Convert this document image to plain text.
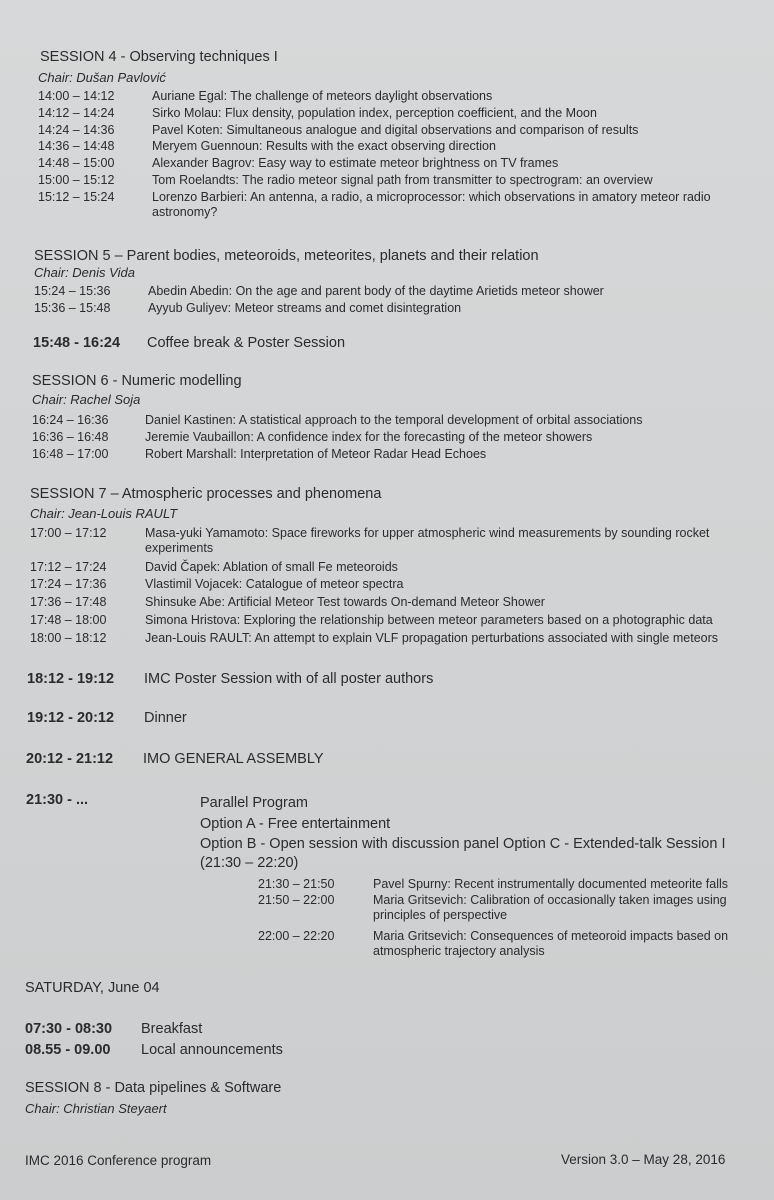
SESSION 4 - Observing techniques I
Chair: Dušan Pavlović
14:00 – 14:12	Auriane Egal: The challenge of meteors daylight observations
14:12 – 14:24	Sirko Molau: Flux density, population index, perception coefficient, and the Moon
14:24 – 14:36	Pavel Koten: Simultaneous analogue and digital observations and comparison of results
14:36 – 14:48	Meryem Guennoun: Results with the exact observing direction
14:48 – 15:00	Alexander Bagrov: Easy way to estimate meteor brightness on TV frames
15:00 – 15:12	Tom Roelandts: The radio meteor signal path from transmitter to spectrogram: an overview
15:12 – 15:24	Lorenzo Barbieri: An antenna, a radio, a microprocessor: which observations in amatory meteor radio astronomy?
SESSION 5 – Parent bodies, meteoroids, meteorites, planets and their relation
Chair: Denis Vida
15:24 – 15:36	Abedin Abedin: On the age and parent body of the daytime Arietids meteor shower
15:36 – 15:48	Ayyub Guliyev: Meteor streams and comet disintegration
15:48 - 16:24 Coffee break & Poster Session
SESSION 6 - Numeric modelling
Chair: Rachel Soja
16:24 – 16:36	Daniel Kastinen: A statistical approach to the temporal development of orbital associations
16:36 – 16:48	Jeremie Vaubaillon: A confidence index for the forecasting of the meteor showers
16:48 – 17:00	Robert Marshall: Interpretation of Meteor Radar Head Echoes
SESSION 7 – Atmospheric processes and phenomena
Chair: Jean-Louis RAULT
17:00 – 17:12	Masa-yuki Yamamoto: Space fireworks for upper atmospheric wind measurements by sounding rocket experiments
17:12 – 17:24	David Čapek: Ablation of small Fe meteoroids
17:24 – 17:36	Vlastimil Vojacek: Catalogue of meteor spectra
17:36 – 17:48	Shinsuke Abe: Artificial Meteor Test towards On-demand Meteor Shower
17:48 – 18:00	Simona Hristova: Exploring the relationship between meteor parameters based on a photographic data
18:00 – 18:12	Jean-Louis RAULT: An attempt to explain VLF propagation perturbations associated with single meteors
18:12 - 19:12 IMC Poster Session with of all poster authors
19:12 - 20:12 Dinner
20:12 - 21:12 IMO GENERAL ASSEMBLY
21:30 - ...	Parallel Program
Option A - Free entertainment
Option B - Open session with discussion panel Option C - Extended-talk Session I (21:30 – 22:20)
21:30 – 21:50	Pavel Spurny: Recent instrumentally documented meteorite falls
21:50 – 22:00	Maria Gritsevich: Calibration of occasionally taken images using principles of perspective
22:00 – 22:20	Maria Gritsevich: Consequences of meteoroid impacts based on atmospheric trajectory analysis
SATURDAY, June 04
07:30 - 08:30 Breakfast
08.55 - 09.00 Local announcements
SESSION 8 - Data pipelines & Software
Chair: Christian Steyaert
IMC 2016 Conference program	Version 3.0 – May 28, 2016
